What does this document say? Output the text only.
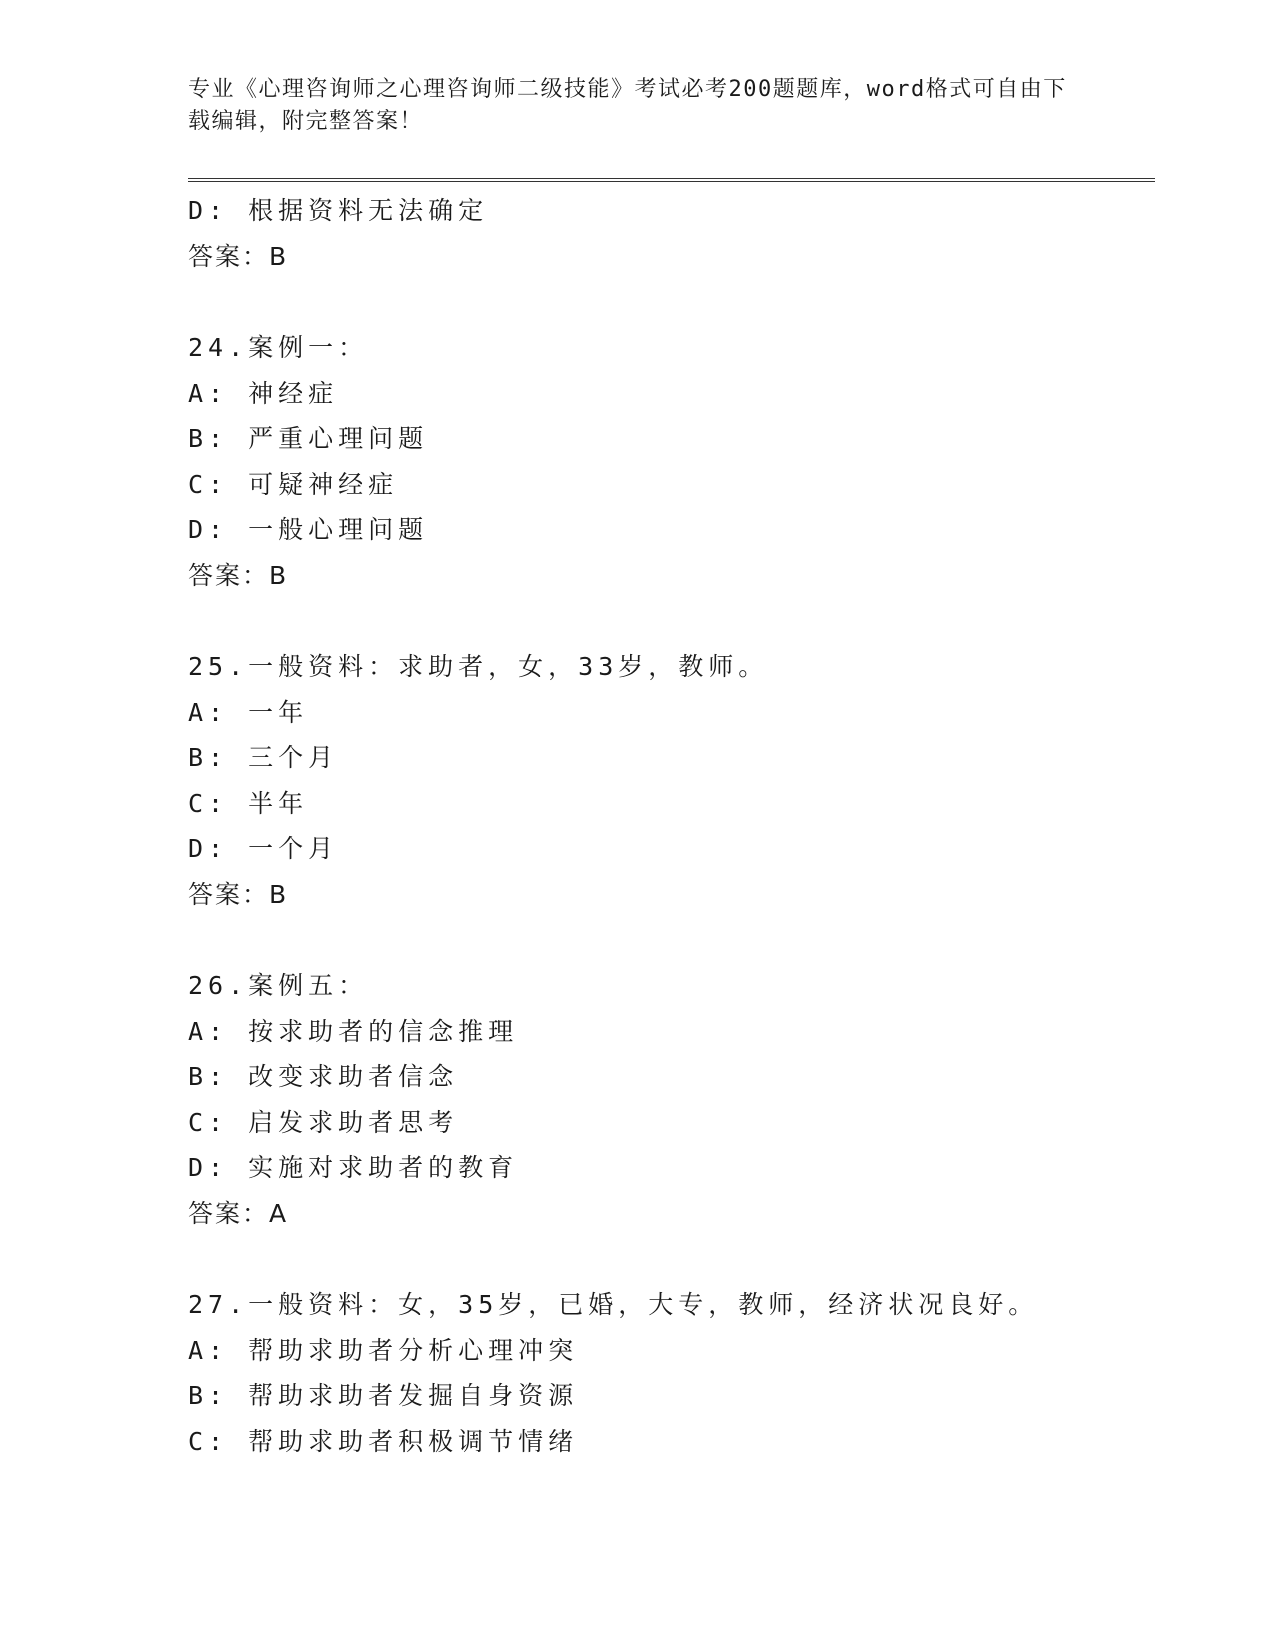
专业《心理咨询师之心理咨询师二级技能》考试必考200题题库，word格式可自由下载编辑，附完整答案！
D: 根据资料无法确定
答案：B
24.案例一：
A: 神经症
B: 严重心理问题
C: 可疑神经症
D: 一般心理问题
答案：B
25.一般资料：求助者，女，33岁，教师。
A: 一年
B: 三个月
C: 半年
D: 一个月
答案：B
26.案例五：
A: 按求助者的信念推理
B: 改变求助者信念
C: 启发求助者思考
D: 实施对求助者的教育
答案：A
27.一般资料：女，35岁，已婚，大专，教师，经济状况良好。
A: 帮助求助者分析心理冲突
B: 帮助求助者发掘自身资源
C: 帮助求助者积极调节情绪
